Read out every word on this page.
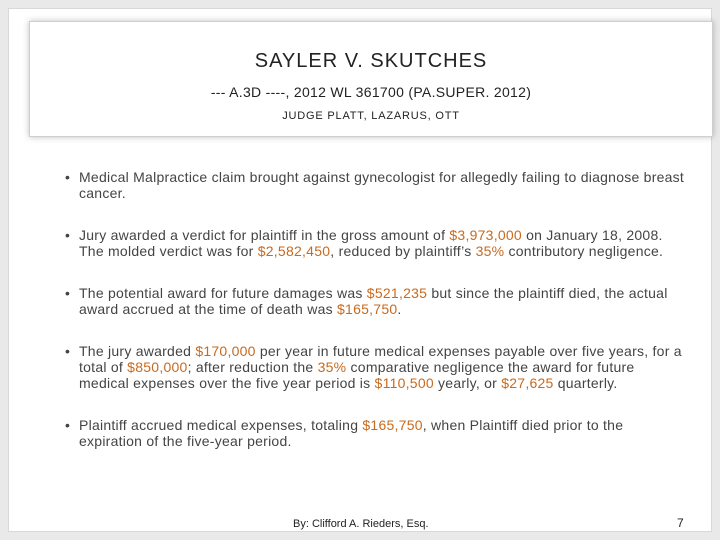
SAYLER V. SKUTCHES
--- A.3D ----, 2012 WL 361700 (PA.SUPER. 2012)
JUDGE PLATT, LAZARUS, OTT
• Medical Malpractice claim brought against gynecologist for allegedly failing to diagnose breast cancer.
• Jury awarded a verdict for plaintiff in the gross amount of $3,973,000 on January 18, 2008. The molded verdict was for $2,582,450, reduced by plaintiff’s 35% contributory negligence.
• The potential award for future damages was $521,235 but since the plaintiff died, the actual award accrued at the time of death was $165,750.
• The jury awarded $170,000 per year in future medical expenses payable over five years, for a total of $850,000; after reduction the 35% comparative negligence the award for future medical expenses over the five year period is $110,500 yearly, or $27,625 quarterly.
• Plaintiff accrued medical expenses, totaling $165,750, when Plaintiff died prior to the expiration of the five-year period.
By: Clifford A. Rieders, Esq.	7
